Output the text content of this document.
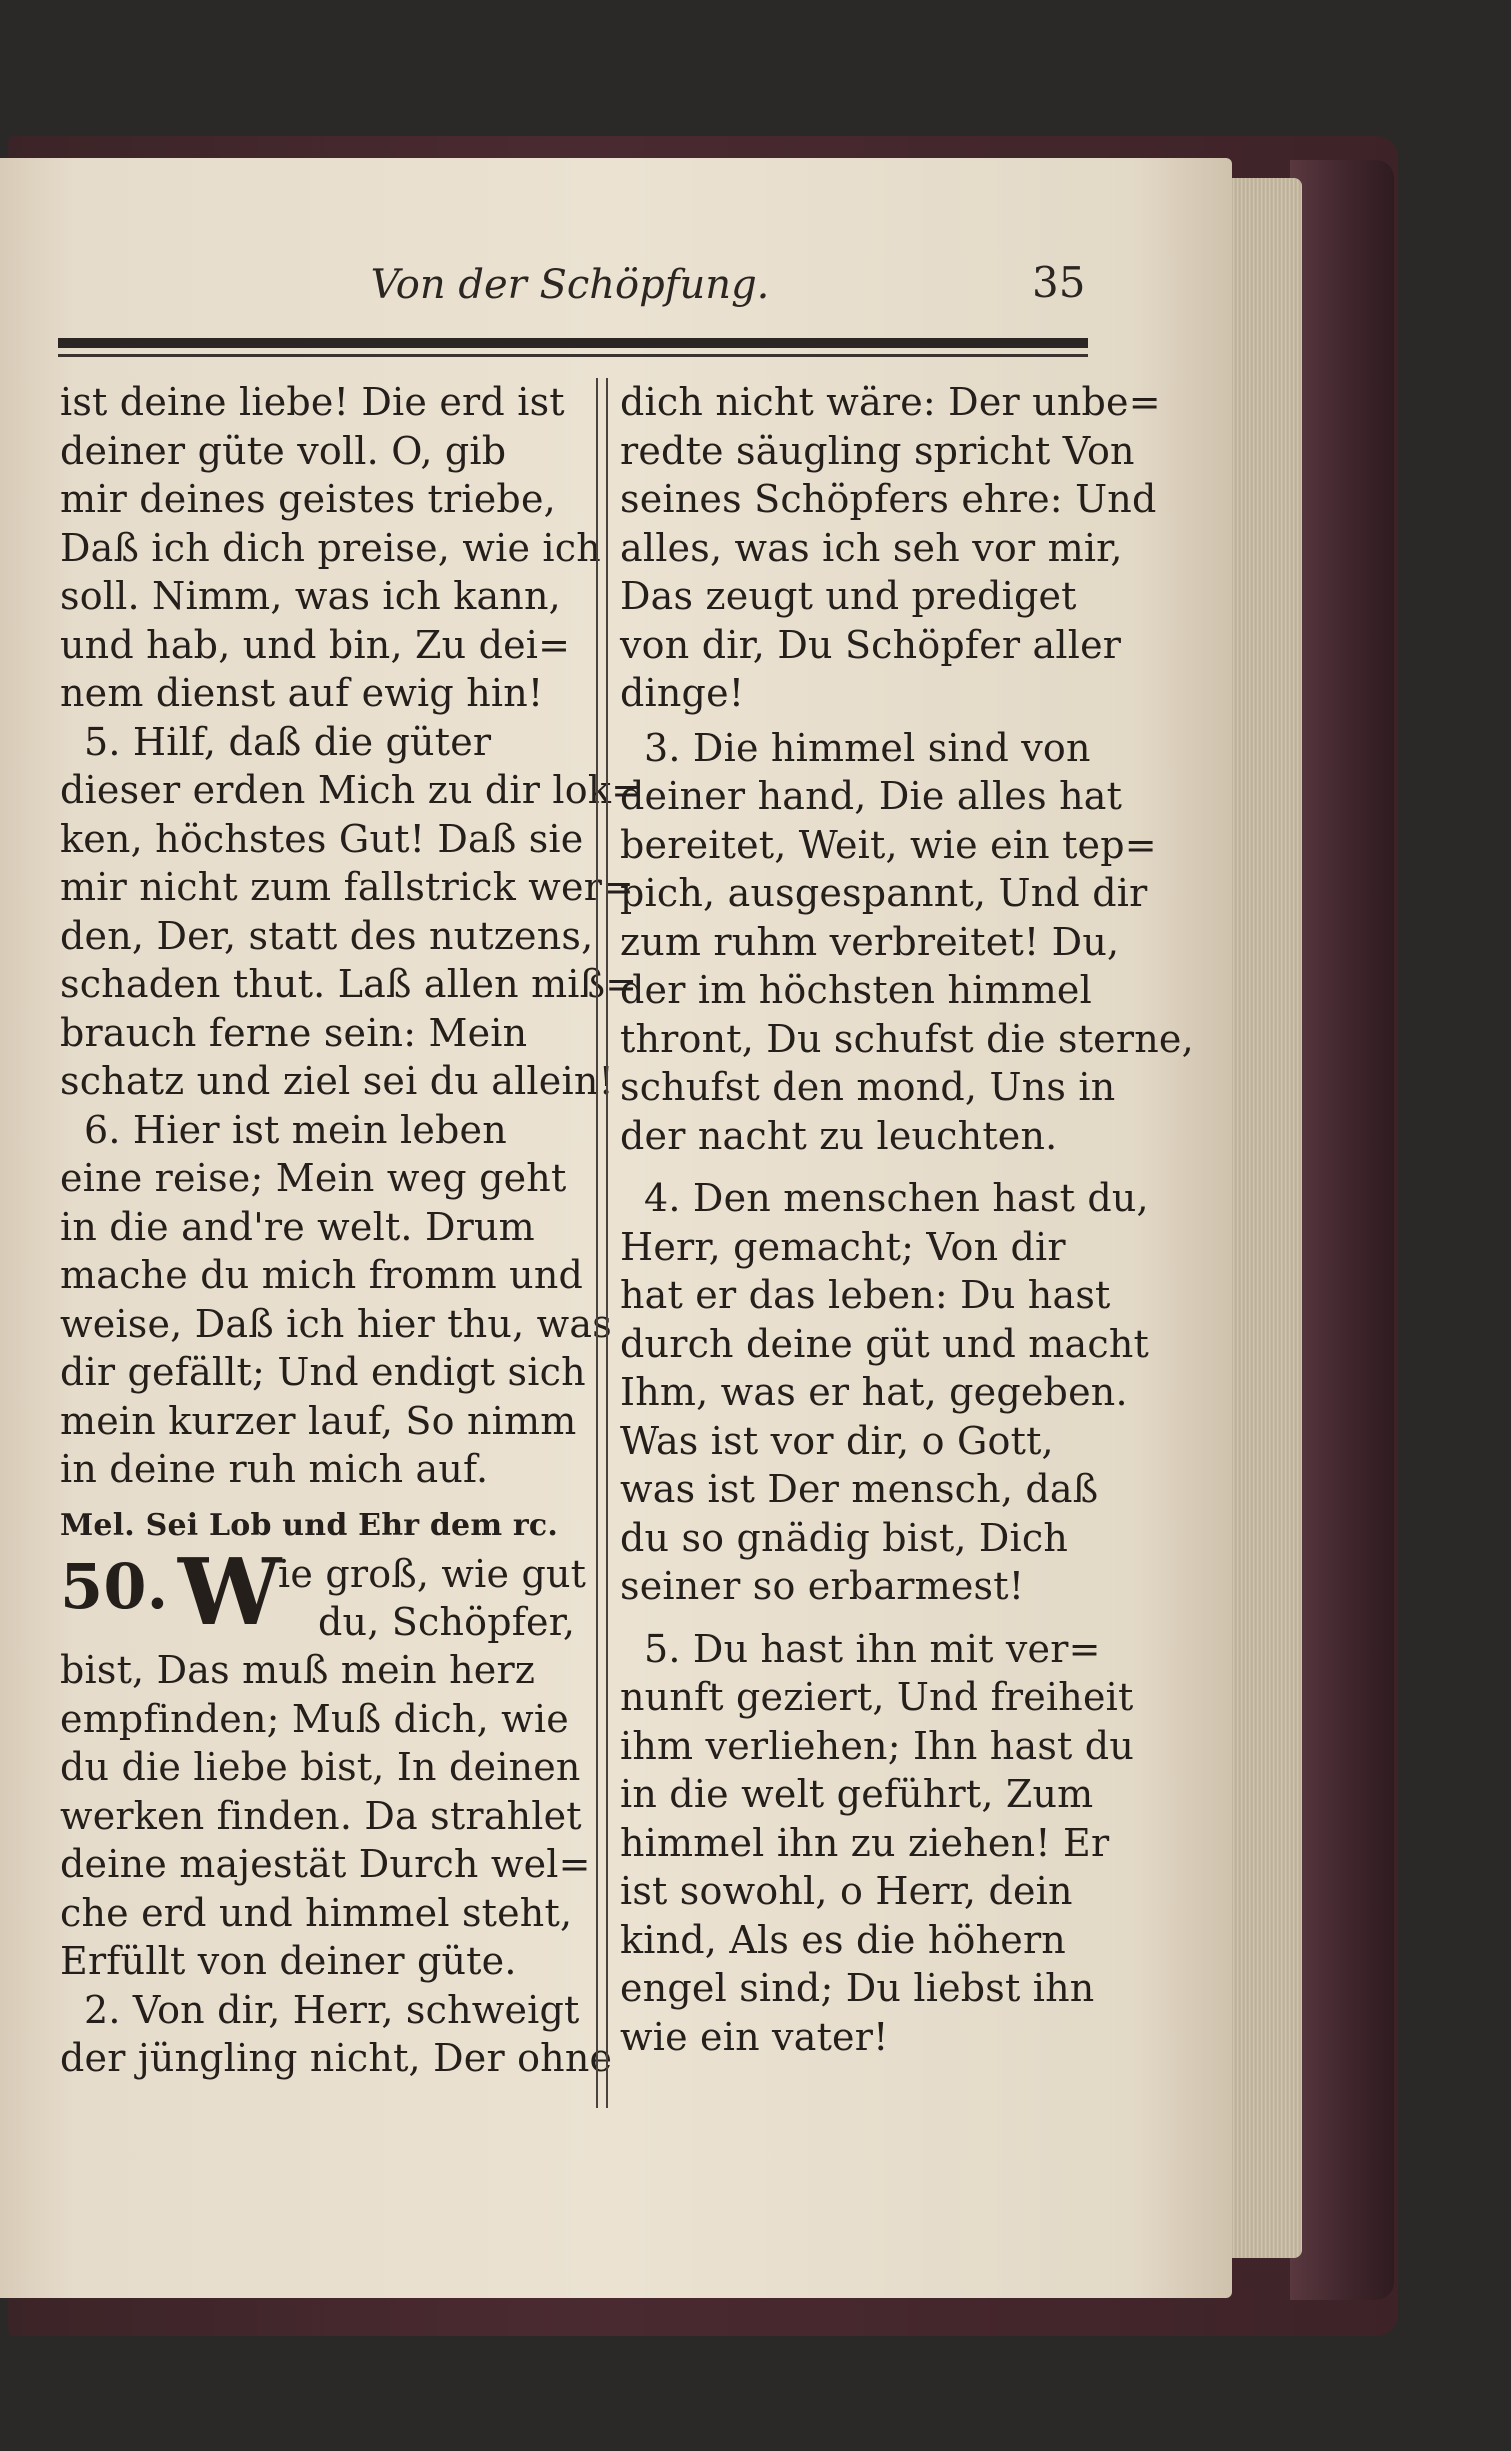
Von der Schöpfung.	35
ist deine liebe! Die erd ist
deiner güte voll. O, gib
mir deines geistes triebe,
Daß ich dich preise, wie ich
soll. Nimm, was ich kann,
und hab, und bin, Zu dei=
nem dienst auf ewig hin!
5. Hilf, daß die güter
dieser erden Mich zu dir lok=
ken, höchstes Gut! Daß sie
mir nicht zum fallstrick wer=
den, Der, statt des nutzens,
schaden thut. Laß allen miß=
brauch ferne sein: Mein
schatz und ziel sei du allein!
6. Hier ist mein leben
eine reise; Mein weg geht
in die and're welt. Drum
mache du mich fromm und
weise, Daß ich hier thu, was
dir gefällt; Und endigt sich
mein kurzer lauf, So nimm
in deine ruh mich auf.
Mel. Sei Lob und Ehr dem rc.
50. W
ie groß, wie gut
du, Schöpfer,
bist, Das muß mein herz
empfinden; Muß dich, wie
du die liebe bist, In deinen
werken finden. Da strahlet
deine majestät Durch wel=
che erd und himmel steht,
Erfüllt von deiner güte.
2. Von dir, Herr, schweigt
der jüngling nicht, Der ohne
dich nicht wäre: Der unbe=
redte säugling spricht Von
seines Schöpfers ehre: Und
alles, was ich seh vor mir,
Das zeugt und prediget
von dir, Du Schöpfer aller
dinge!
3. Die himmel sind von
deiner hand, Die alles hat
bereitet, Weit, wie ein tep=
pich, ausgespannt, Und dir
zum ruhm verbreitet! Du,
der im höchsten himmel
thront, Du schufst die sterne,
schufst den mond, Uns in
der nacht zu leuchten.
4. Den menschen hast du,
Herr, gemacht; Von dir
hat er das leben: Du hast
durch deine güt und macht
Ihm, was er hat, gegeben.
Was ist vor dir, o Gott,
was ist Der mensch, daß
du so gnädig bist, Dich
seiner so erbarmest!
5. Du hast ihn mit ver=
nunft geziert, Und freiheit
ihm verliehen; Ihn hast du
in die welt geführt, Zum
himmel ihn zu ziehen! Er
ist sowohl, o Herr, dein
kind, Als es die höhern
engel sind; Du liebst ihn
wie ein vater!
